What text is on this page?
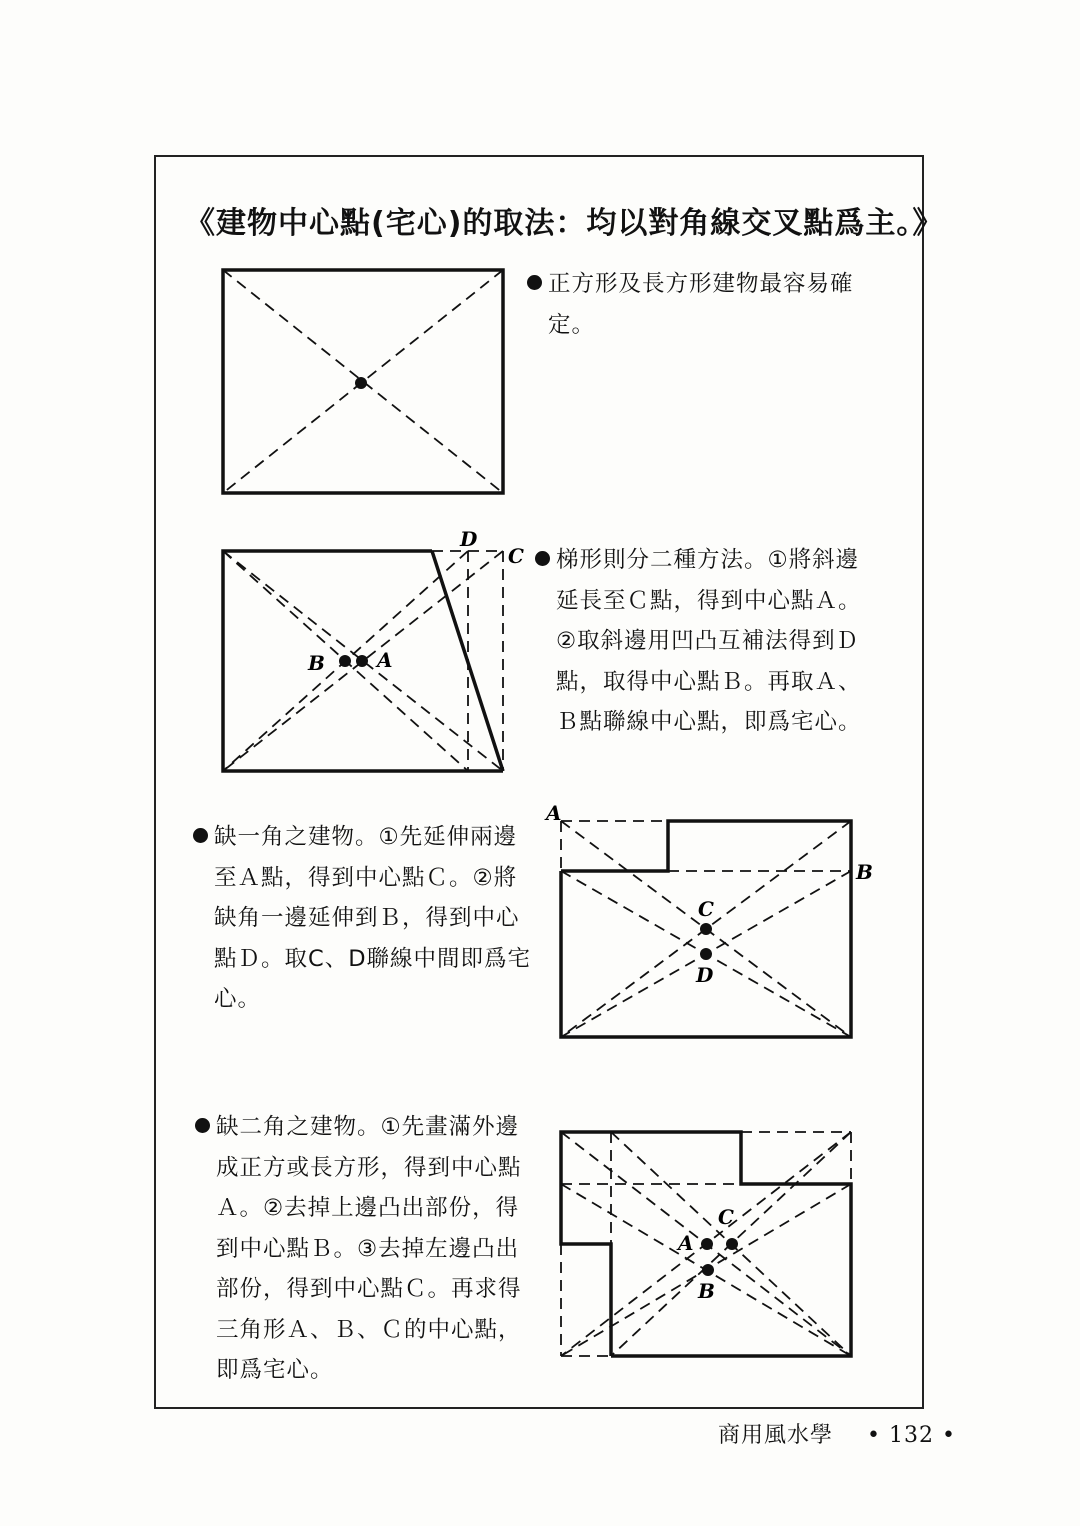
《建物中心點(宅心)的取法：均以對角線交叉點爲主。》
正方形及長方形建物最容易確
定。
梯形則分二種方法。①將斜邊
延長至Ｃ點，得到中心點Ａ。
②取斜邊用凹凸互補法得到Ｄ
點，取得中心點Ｂ。再取Ａ、
Ｂ點聯線中心點，即爲宅心。
缺一角之建物。①先延伸兩邊
至Ａ點，得到中心點Ｃ。②將
缺角一邊延伸到Ｂ，得到中心
點Ｄ。取C、D聯線中間即爲宅
心。
缺二角之建物。①先畫滿外邊
成正方或長方形，得到中心點
Ａ。②去掉上邊凸出部份，得
到中心點Ｂ。③去掉左邊凸出
部份，得到中心點Ｃ。再求得
三角形Ａ、Ｂ、Ｃ的中心點，
即爲宅心。
D
C
B	A
A
B
C
D
A
C
B
商用風水學 • 132 •
